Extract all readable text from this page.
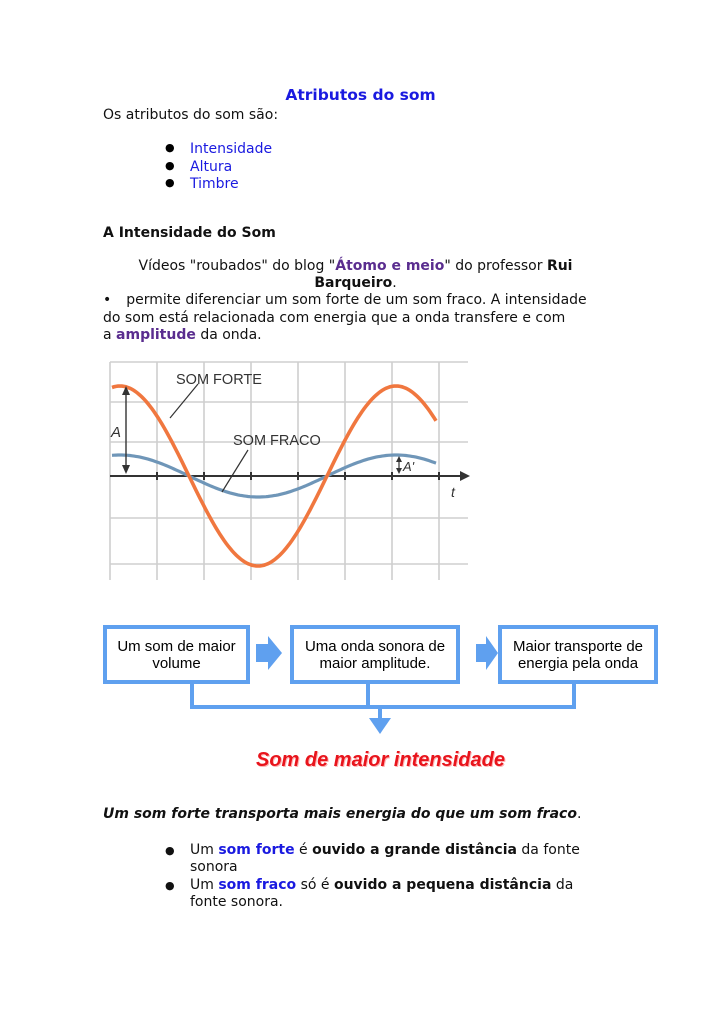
Atributos do som
Os atributos do som são:
● Intensidade
● Altura
● Timbre
A Intensidade do Som
Vídeos "roubados" do blog "Átomo e meio" do professor Rui
Barqueiro.
• permite diferenciar um som forte de um som fraco. A intensidade
do som está relacionada com energia que a onda transfere e com
a amplitude da onda.
SOM FORTE
SOM FRACO
A
A'
t
Um som de maior
volume
Uma onda sonora de
maior amplitude.
Maior transporte de
energia pela onda
Som de maior intensidade
Um som forte transporta mais energia do que um som fraco.
● Um som forte é ouvido a grande distância da fonte
sonora
● Um som fraco só é ouvido a pequena distância da
fonte sonora.
